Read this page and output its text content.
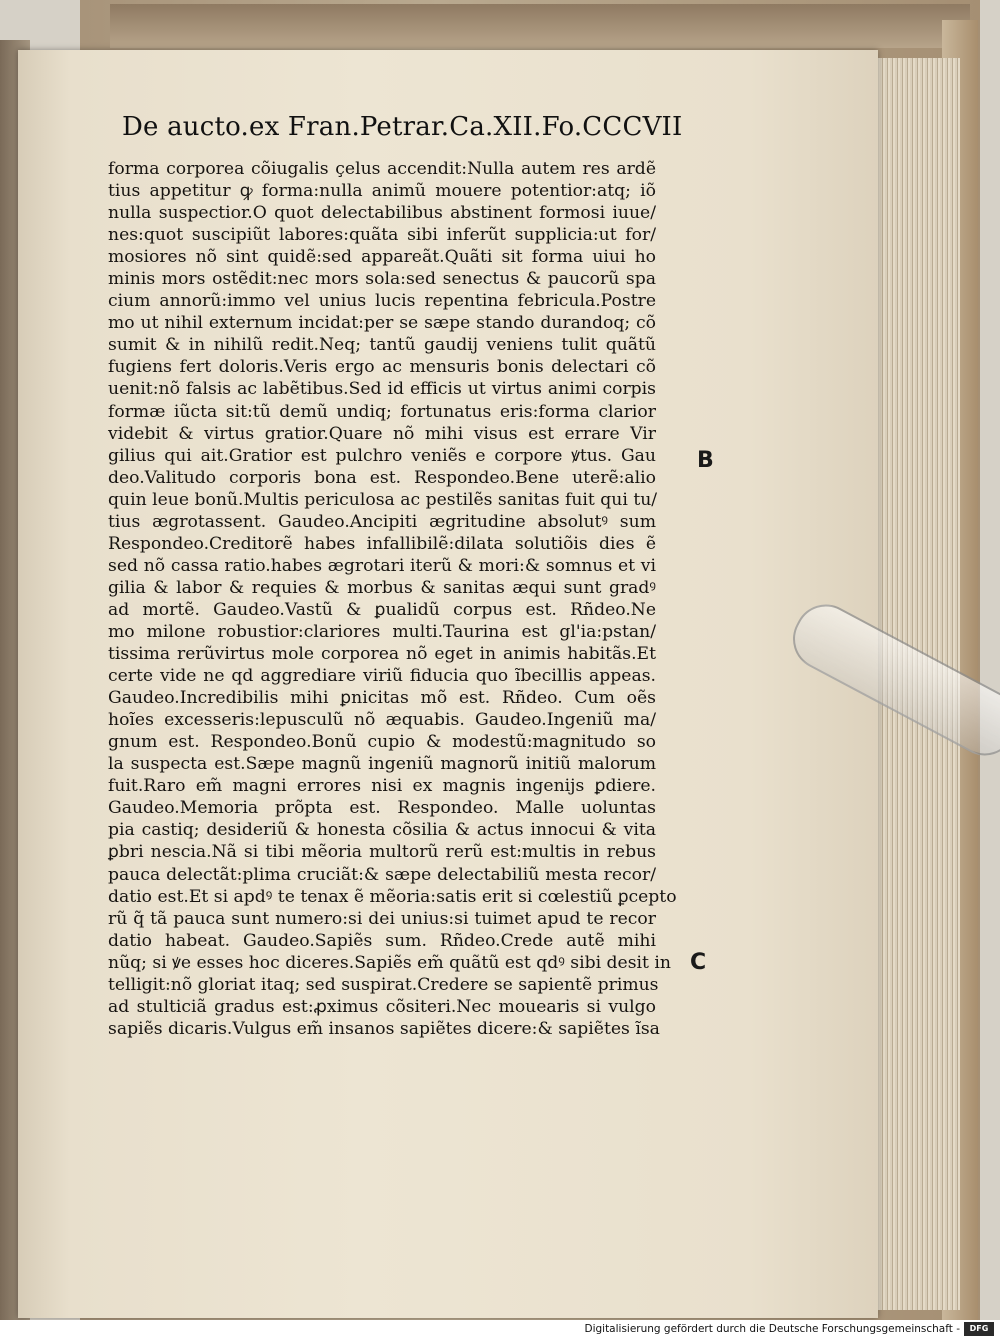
De aucto.ex Fran.Petrar.Ca.XII. Fo.CCCVII
forma corporea cõiugalis çelus accendit:Nulla autem res ardẽ
tius appetitur ꝙ forma:nulla animũ mouere potentior:atq; iõ
nulla suspectior.O quot delectabilibus abstinent formosi iuue/
nes:quot suscipiũt labores:quãta sibi inferũt supplicia:ut for/
mosiores nõ sint quidẽ:sed appareãt.Quãti sit forma uiui ho
minis mors ostẽdit:nec mors sola:sed senectus & paucorũ spa
cium annorũ:immo vel unius lucis repentina febricula.Postre
mo ut nihil externum incidat:per se sæpe stando durandoq; cõ
sumit & in nihilũ redit.Neq; tantũ gaudij veniens tulit quãtũ
fugiens fert doloris.Veris ergo ac mensuris bonis delectari cõ
uenit:nõ falsis ac labẽtibus.Sed id efficis ut virtus animi corpis
formæ iũcta sit:tũ demũ undiq; fortunatus eris:forma clarior
videbit & virtus gratior.Quare nõ mihi visus est errare Vir
gilius qui ait.Gratior est pulchro veniẽs e corpore ꝟtus. Gau
deo.Valitudo corporis bona est. Respondeo.Bene uterẽ:alio
quin leue bonũ.Multis periculosa ac pestilẽs sanitas fuit qui tu/
tius ægrotassent. Gaudeo.Ancipiti ægritudine absolutꝰ sum
Respondeo.Creditorẽ habes infallibilẽ:dilata solutiõis dies ẽ
sed nõ cassa ratio.habes ægrotari iterũ & mori:& somnus et vi
gilia & labor & requies & morbus & sanitas æqui sunt gradꝰ
ad mortẽ. Gaudeo.Vastũ & ꝑualidũ corpus est. Rñdeo.Ne
mo milone robustior:clariores multi.Taurina est gl'ia:pstan/
tissima rerũvirtus mole corporea nõ eget in animis habitãs.Et
certe vide ne qd aggrediare viriũ fiducia quo ĩbecillis appeas.
Gaudeo.Incredibilis mihi ꝑnicitas mõ est. Rñdeo. Cum oẽs
hoĩes excesseris:lepusculũ nõ æquabis. Gaudeo.Ingeniũ ma/
gnum est. Respondeo.Bonũ cupio & modestũ:magnitudo so
la suspecta est.Sæpe magnũ ingeniũ magnorũ initiũ malorum
fuit.Raro em̃ magni errores nisi ex magnis ingenijs ꝑdiere.
Gaudeo.Memoria prõpta est. Respondeo. Malle uoluntas
pia castiq; desideriũ & honesta cõsilia & actus innocui & vita
ꝑbri nescia.Nã si tibi mẽoria multorũ rerũ est:multis in rebus
pauca delectãt:plima cruciãt:& sæpe delectabiliũ mesta recor/
datio est.Et si apdꝰ te tenax ẽ mẽoria:satis erit si cœlestiũ ꝑcepto
rũ q̃ tã pauca sunt numero:si dei unius:si tuimet apud te recor
datio habeat. Gaudeo.Sapiẽs sum. Rñdeo.Crede autẽ mihi
nũq; si ꝟe esses hoc diceres.Sapiẽs em̃ quãtũ est qdꝰ sibi desit in
telligit:nõ gloriat itaq; sed suspirat.Credere se sapientẽ primus
ad stulticiã gradus est:ꝓximus cõsiteri.Nec mouearis si vulgo
sapiẽs dicaris.Vulgus em̃ insanos sapiẽtes dicere:& sapiẽtes ĩsa
B
C
Digitalisierung gefördert durch die Deutsche Forschungsgemeinschaft -	DFG
